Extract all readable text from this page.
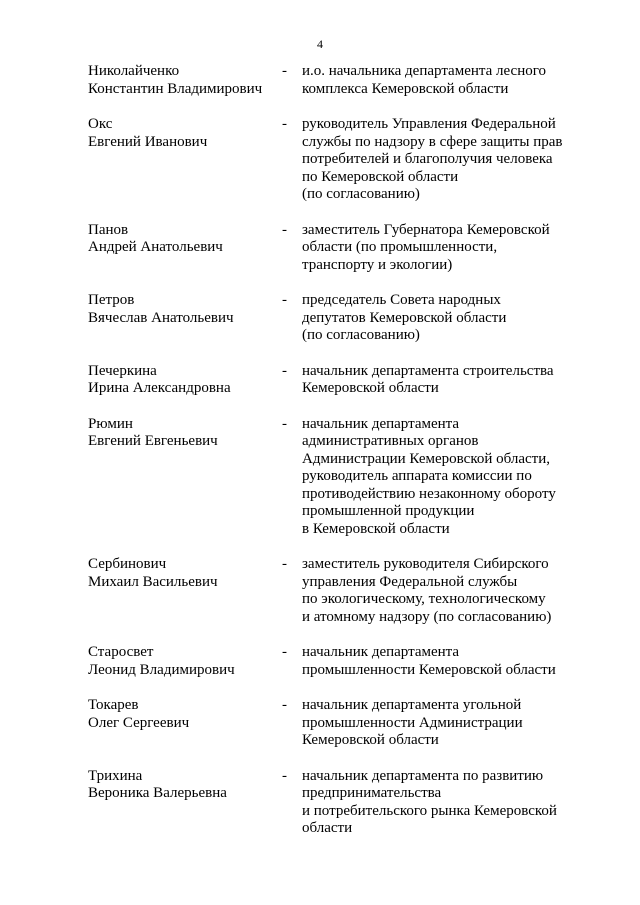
4
Николайченко
Константин Владимирович
-	и.о. начальника департамента лесного
комплекса Кемеровской области
Окс
Евгений Иванович
-	руководитель Управления Федеральной
службы по надзору в сфере защиты прав
потребителей и благополучия человека
по Кемеровской области
(по согласованию)
Панов
Андрей Анатольевич
-	заместитель Губернатора Кемеровской
области (по промышленности,
транспорту и экологии)
Петров
Вячеслав Анатольевич
-	председатель Совета народных
депутатов Кемеровской области
(по согласованию)
Печеркина
Ирина Александровна
-	начальник департамента строительства
Кемеровской области
Рюмин
Евгений Евгеньевич
-	начальник департамента
административных органов
Администрации Кемеровской области,
руководитель аппарата комиссии по
противодействию незаконному обороту
промышленной продукции
в Кемеровской области
Сербинович
Михаил Васильевич
-	заместитель руководителя Сибирского
управления Федеральной службы
по экологическому, технологическому
и атомному надзору (по согласованию)
Старосвет
Леонид Владимирович
-	начальник департамента
промышленности Кемеровской области
Токарев
Олег Сергеевич
-	начальник департамента угольной
промышленности Администрации
Кемеровской области
Трихина
Вероника Валерьевна
-	начальник департамента по развитию
предпринимательства
и потребительского рынка Кемеровской
области
